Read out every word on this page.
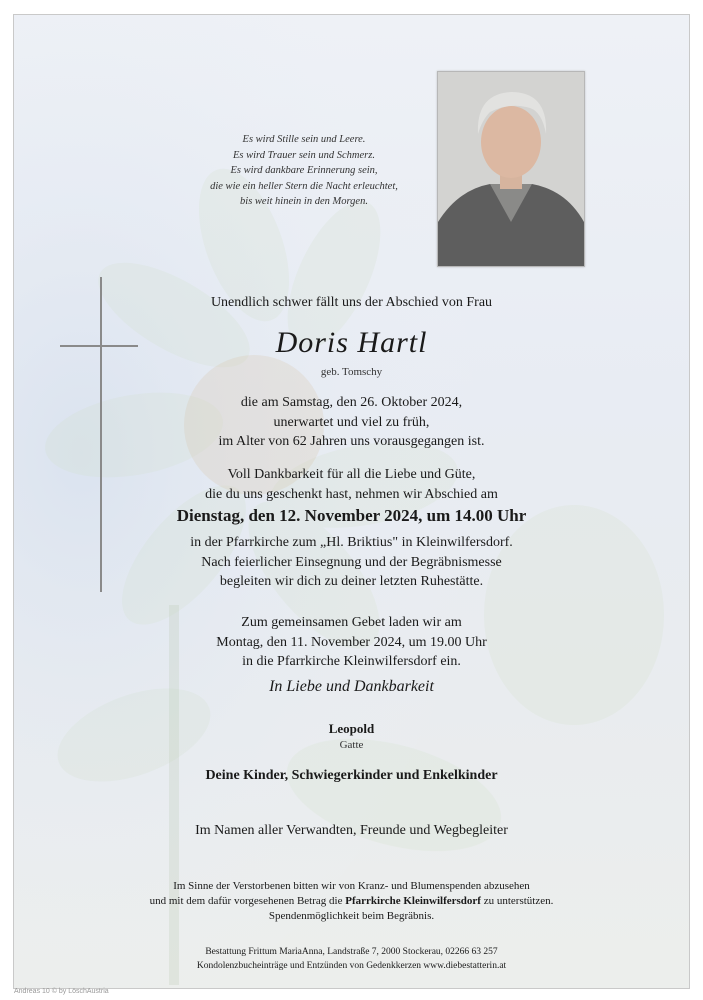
Es wird Stille sein und Leere.
Es wird Trauer sein und Schmerz.
Es wird dankbare Erinnerung sein,
die wie ein heller Stern die Nacht erleuchtet,
bis weit hinein in den Morgen.
Unendlich schwer fällt uns der Abschied von Frau
Doris Hartl
geb. Tomschy
die am Samstag, den 26. Oktober 2024,
unerwartet und viel zu früh,
im Alter von 62 Jahren uns vorausgegangen ist.
Voll Dankbarkeit für all die Liebe und Güte,
die du uns geschenkt hast, nehmen wir Abschied am
Dienstag, den 12. November 2024, um 14.00 Uhr
in der Pfarrkirche zum „Hl. Briktius" in Kleinwilfersdorf.
Nach feierlicher Einsegnung und der Begräbnismesse
begleiten wir dich zu deiner letzten Ruhestätte.
Zum gemeinsamen Gebet laden wir am
Montag, den 11. November 2024, um 19.00 Uhr
in die Pfarrkirche Kleinwilfersdorf ein.
In Liebe und Dankbarkeit
Leopold
Gatte
Deine Kinder, Schwiegerkinder und Enkelkinder
Im Namen aller Verwandten, Freunde und Wegbegleiter
Im Sinne der Verstorbenen bitten wir von Kranz- und Blumenspenden abzusehen
und mit dem dafür vorgesehenen Betrag die Pfarrkirche Kleinwilfersdorf zu unterstützen.
Spendenmöglichkeit beim Begräbnis.
Bestattung Frittum MariaAnna, Landstraße 7, 2000 Stockerau, 02266 63 257
Kondolenzbucheinträge und Entzünden von Gedenkkerzen www.diebestatterin.at
Andreas 10 © by LöschAustria
